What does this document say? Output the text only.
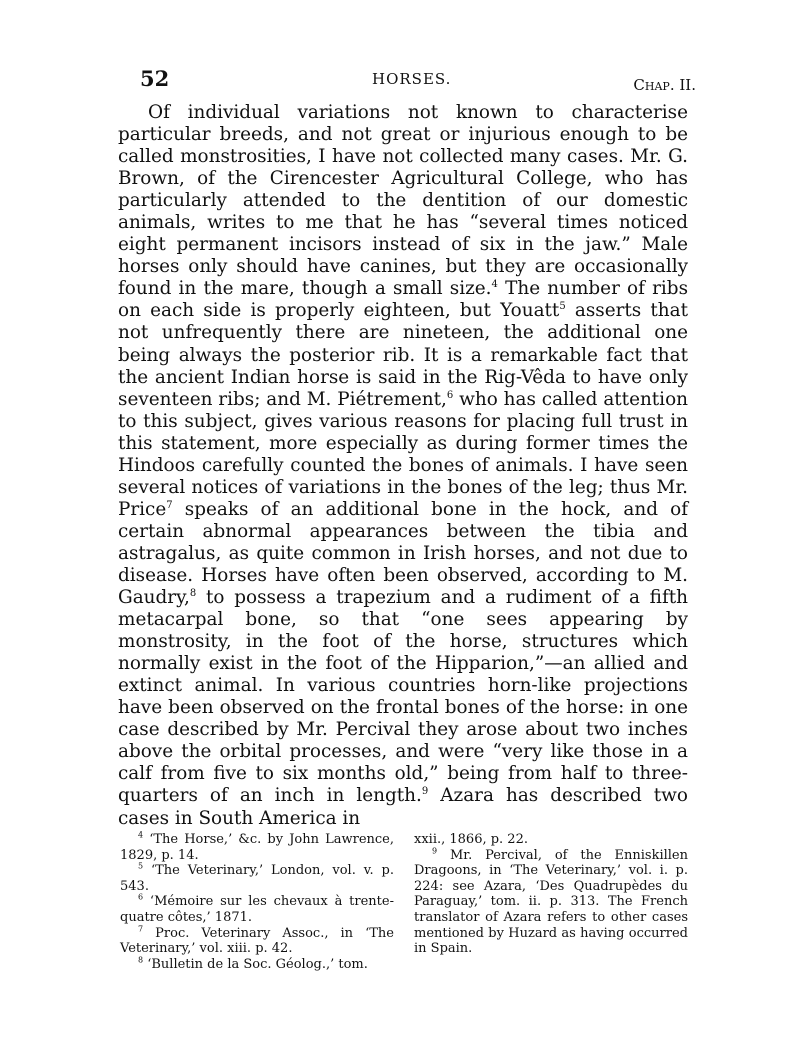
52	HORSES.	Chap. II.

Of individual variations not known to characterise particular breeds, and not great or injurious enough to be called monstrosities, I have not collected many cases. Mr. G. Brown, of the Cirencester Agricultural College, who has particularly attended to the dentition of our domestic animals, writes to me that he has “several times noticed eight permanent incisors instead of six in the jaw.” Male horses only should have canines, but they are occasionally found in the mare, though a small size.$^4$ The number of ribs on each side is properly eighteen, but Youatt$^5$ asserts that not unfrequently there are nineteen, the additional one being always the posterior rib. It is a remarkable fact that the ancient Indian horse is said in the Rig-Vêda to have only seventeen ribs; and M. Piétrement,$^6$ who has called attention to this subject, gives various reasons for placing full trust in this statement, more especially as during former times the Hindoos carefully counted the bones of animals. I have seen several notices of variations in the bones of the leg; thus Mr. Price$^7$ speaks of an additional bone in the hock, and of certain abnormal appearances between the tibia and astragalus, as quite common in Irish horses, and not due to disease. Horses have often been observed, according to M. Gaudry,$^8$ to possess a trapezium and a rudiment of a fifth metacarpal bone, so that “one sees appearing by monstrosity, in the foot of the horse, structures which normally exist in the foot of the Hipparion,”—an allied and extinct animal. In various countries horn-like projections have been observed on the frontal bones of the horse: in one case described by Mr. Percival they arose about two inches above the orbital processes, and were “very like those in a calf from five to six months old,” being from half to three-quarters of an inch in length.$^9$ Azara has described two cases in South America in

$^4$ ‘The Horse,’ &c. by John Lawrence, 1829, p. 14.

$^5$ ‘The Veterinary,’ London, vol. v. p. 543.

$^6$ ‘Mémoire sur les chevaux à trente-quatre côtes,’ 1871.

$^7$ Proc. Veterinary Assoc., in ‘The Veterinary,’ vol. xiii. p. 42.

$^8$ ‘Bulletin de la Soc. Géolog.,’ tom.

xxii., 1866, p. 22.

$^9$ Mr. Percival, of the Enniskillen Dragoons, in ‘The Veterinary,’ vol. i. p. 224: see Azara, ‘Des Quadrupèdes du Paraguay,’ tom. ii. p. 313. The French translator of Azara refers to other cases mentioned by Huzard as having occurred in Spain.
